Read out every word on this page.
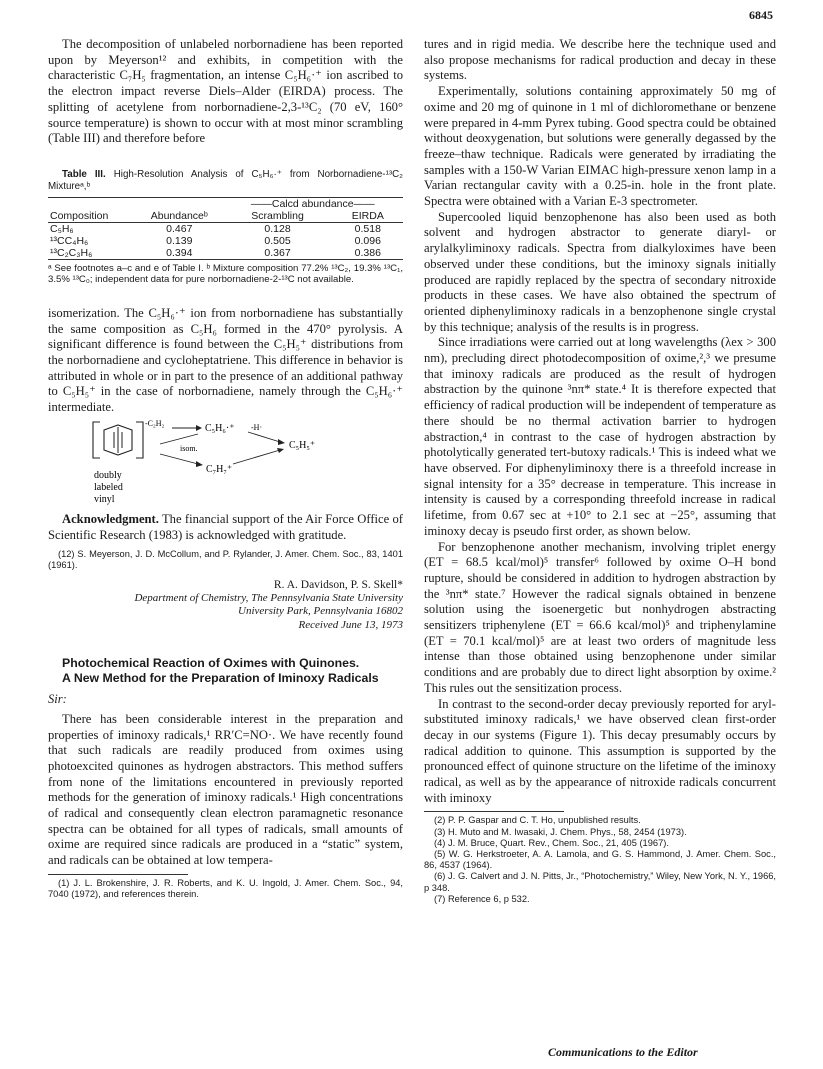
6845

The decomposition of unlabeled norbornadiene has been reported upon by Meyerson¹² and exhibits, in competition with the characteristic C₇H₅ fragmentation, an intense C₅H₆·⁺ ion ascribed to the electron impact reverse Diels–Alder (EIRDA) process. The splitting of acetylene from norbornadiene-2,3-¹³C₂ (70 eV, 160° source temperature) is shown to occur with at most minor scrambling (Table III) and therefore before

Table III. High-Resolution Analysis of C₅H₆·⁺ from Norbornadiene-¹³C₂ Mixtureᵃ,ᵇ

		——Calcd abundance——	
Composition	Abundanceᵇ	Scrambling	EIRDA
C₅H₆	0.467	0.128	0.518
¹³CC₄H₆	0.139	0.505	0.096
¹³C₂C₃H₆	0.394	0.367	0.386
ᵃ See footnotes a–c and e of Table I. ᵇ Mixture composition 77.2% ¹³C₂, 19.3% ¹³C₁, 3.5% ¹³C₀; independent data for pure norbornadiene-2-¹³C not available.

isomerization. The C₅H₆·⁺ ion from norbornadiene has substantially the same composition as C₅H₆ formed in the 470° pyrolysis. A significant difference is found between the C₅H₅⁺ distributions from the norbornadiene and cycloheptatriene. This difference in behavior is attributed in whole or in part to the presence of an additional pathway to C₅H₅⁺ in the case of norbornadiene, namely through the C₅H₆·⁺ intermediate.

-C₂H₂	C₅H₆·⁺ -H·
C₅H₅⁺
isom.
C₇H₇⁺
doubly
labeled
vinyl

Acknowledgment. The financial support of the Air Force Office of Scientific Research (1983) is acknowledged with gratitude.

(12) S. Meyerson, J. D. McCollum, and P. Rylander, J. Amer. Chem. Soc., 83, 1401 (1961).
R. A. Davidson, P. S. Skell*
Department of Chemistry, The Pennsylvania State University
University Park, Pennsylvania 16802
Received June 13, 1973

Photochemical Reaction of Oximes with Quinones.

A New Method for the Preparation of Iminoxy Radicals

Sir:

There has been considerable interest in the preparation and properties of iminoxy radicals,¹ RR′C=NO·. We have recently found that such radicals are readily produced from oximes using photoexcited quinones as hydrogen abstractors. This method suffers from none of the limitations encountered in previously reported methods for the generation of iminoxy radicals.¹ High concentrations of radical and consequently clean electron paramagnetic resonance spectra can be obtained for all types of radicals, small amounts of oxime are required since radicals are produced in a “static” system, and radicals can be obtained at low tempera-

(1) J. L. Brokenshire, J. R. Roberts, and K. U. Ingold, J. Amer. Chem. Soc., 94, 7040 (1972), and references therein.

tures and in rigid media. We describe here the technique used and also propose mechanisms for radical production and decay in these systems.

Experimentally, solutions containing approximately 50 mg of oxime and 20 mg of quinone in 1 ml of dichloromethane or benzene were prepared in 4-mm Pyrex tubing. Good spectra could be obtained without deoxygenation, but solutions were generally degassed by the freeze–thaw technique. Radicals were generated by irradiating the samples with a 150-W Varian EIMAC high-pressure xenon lamp in a Varian rectangular cavity with a 0.25-in. hole in the front plate. Spectra were obtained with a Varian E-3 spectrometer.

Supercooled liquid benzophenone has also been used as both solvent and hydrogen abstractor to generate diaryl- or arylalkyliminoxy radicals. Spectra from dialkyloximes have been observed under these conditions, but the iminoxy signals initially produced are rapidly replaced by the spectra of secondary nitroxide products in these cases. We have also obtained the spectrum of oriented diphenyliminoxy radicals in a benzophenone single crystal by this technique; analysis of the results is in progress.

Since irradiations were carried out at long wavelengths (λex > 300 nm), precluding direct photodecomposition of oxime,²,³ we presume that iminoxy radicals are produced as the result of hydrogen abstraction by the quinone ³nπ* state.⁴ It is therefore expected that efficiency of radical production will be independent of temperature as there should be no thermal activation barrier to hydrogen abstraction,⁴ in contrast to the case of hydrogen abstraction by photolytically generated tert-butoxy radicals.¹ This is indeed what we have observed. For diphenyliminoxy there is a threefold increase in signal intensity for a 35° decrease in temperature. This increase in intensity is caused by a corresponding threefold increase in radical lifetime, from 0.67 sec at +10° to 2.1 sec at −25°, assuming that iminoxy decay is pseudo first order, as shown below.

For benzophenone another mechanism, involving triplet energy (ET = 68.5 kcal/mol)⁵ transfer⁶ followed by oxime O–H bond rupture, should be considered in addition to hydrogen abstraction by the ³nπ* state.⁷ However the radical signals obtained in benzene solution using the isoenergetic but nonhydrogen abstracting sensitizers triphenylene (ET = 66.6 kcal/mol)⁵ and triphenylamine (ET = 70.1 kcal/mol)⁵ are at least two orders of magnitude less intense than those obtained using benzophenone under similar conditions and are probably due to direct light absorption by oxime.² This rules out the sensitization process.

In contrast to the second-order decay previously reported for aryl-substituted iminoxy radicals,¹ we have observed clean first-order decay in our systems (Figure 1). This decay presumably occurs by radical addition to quinone. This assumption is supported by the pronounced effect of quinone structure on the lifetime of the iminoxy radical, as well as by the appearance of nitroxide radicals concurrent with iminoxy

(2) P. P. Gaspar and C. T. Ho, unpublished results.
(3) H. Muto and M. Iwasaki, J. Chem. Phys., 58, 2454 (1973).
(4) J. M. Bruce, Quart. Rev., Chem. Soc., 21, 405 (1967).
(5) W. G. Herkstroeter, A. A. Lamola, and G. S. Hammond, J. Amer. Chem. Soc., 86, 4537 (1964).
(6) J. G. Calvert and J. N. Pitts, Jr., “Photochemistry,” Wiley, New York, N. Y., 1966, p 348.
(7) Reference 6, p 532.
Communications to the Editor
